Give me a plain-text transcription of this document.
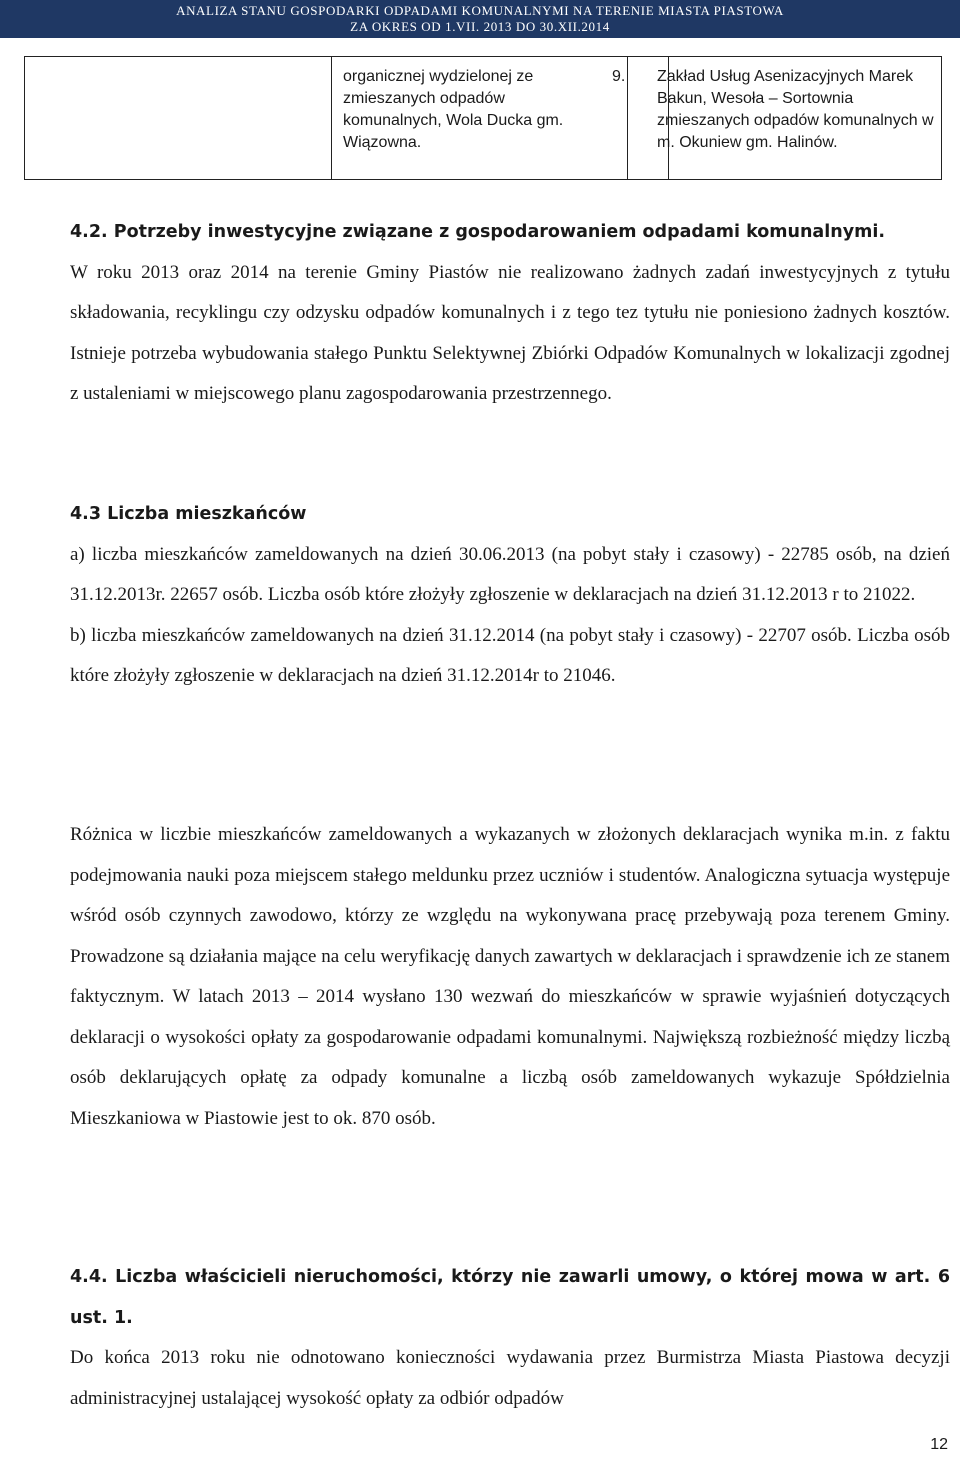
ANALIZA STANU GOSPODARKI ODPADAMI KOMUNALNYMI NA TERENIE MIASTA PIASTOWA
ZA OKRES OD 1.VII. 2013 DO 30.XII.2014
organicznej wydzielonej ze zmieszanych odpadów komunalnych, Wola Ducka gm. Wiązowna.
9.	Zakład Usług Asenizacyjnych Marek Bakun, Wesoła – Sortownia zmieszanych odpadów komunalnych w m. Okuniew gm. Halinów.

4.2. Potrzeby inwestycyjne związane z gospodarowaniem odpadami komunalnymi.

W roku 2013 oraz 2014 na terenie Gminy Piastów nie realizowano żadnych zadań inwestycyjnych z tytułu składowania, recyklingu czy odzysku odpadów komunalnych i z tego tez tytułu nie poniesiono żadnych kosztów. Istnieje potrzeba wybudowania stałego Punktu Selektywnej Zbiórki Odpadów Komunalnych w lokalizacji zgodnej z ustaleniami w miejscowego planu zagospodarowania przestrzennego.

4.3 Liczba mieszkańców

a) liczba mieszkańców zameldowanych na dzień 30.06.2013 (na pobyt stały i czasowy) - 22785 osób, na dzień 31.12.2013r. 22657 osób. Liczba osób które złożyły zgłoszenie w deklaracjach na dzień 31.12.2013 r to 21022.

b) liczba mieszkańców zameldowanych na dzień 31.12.2014 (na pobyt stały i czasowy) - 22707 osób. Liczba osób które złożyły zgłoszenie w deklaracjach na dzień 31.12.2014r to 21046.

Różnica w liczbie mieszkańców zameldowanych a wykazanych w złożonych deklaracjach wynika m.in. z faktu podejmowania nauki poza miejscem stałego meldunku przez uczniów i studentów. Analogiczna sytuacja występuje wśród osób czynnych zawodowo, którzy ze względu na wykonywana pracę przebywają poza terenem Gminy. Prowadzone są działania mające na celu weryfikację danych zawartych w deklaracjach i sprawdzenie ich ze stanem faktycznym. W latach 2013 – 2014 wysłano 130 wezwań do mieszkańców w sprawie wyjaśnień dotyczących deklaracji o wysokości opłaty za gospodarowanie odpadami komunalnymi. Największą rozbieżność między liczbą osób deklarujących opłatę za odpady komunalne a liczbą osób zameldowanych wykazuje Spółdzielnia Mieszkaniowa w Piastowie jest to ok. 870 osób.

4.4. Liczba właścicieli nieruchomości, którzy nie zawarli umowy, o której mowa w art. 6 ust. 1.

Do końca 2013 roku nie odnotowano konieczności wydawania przez Burmistrza Miasta Piastowa decyzji administracyjnej ustalającej wysokość opłaty za odbiór odpadów

12
